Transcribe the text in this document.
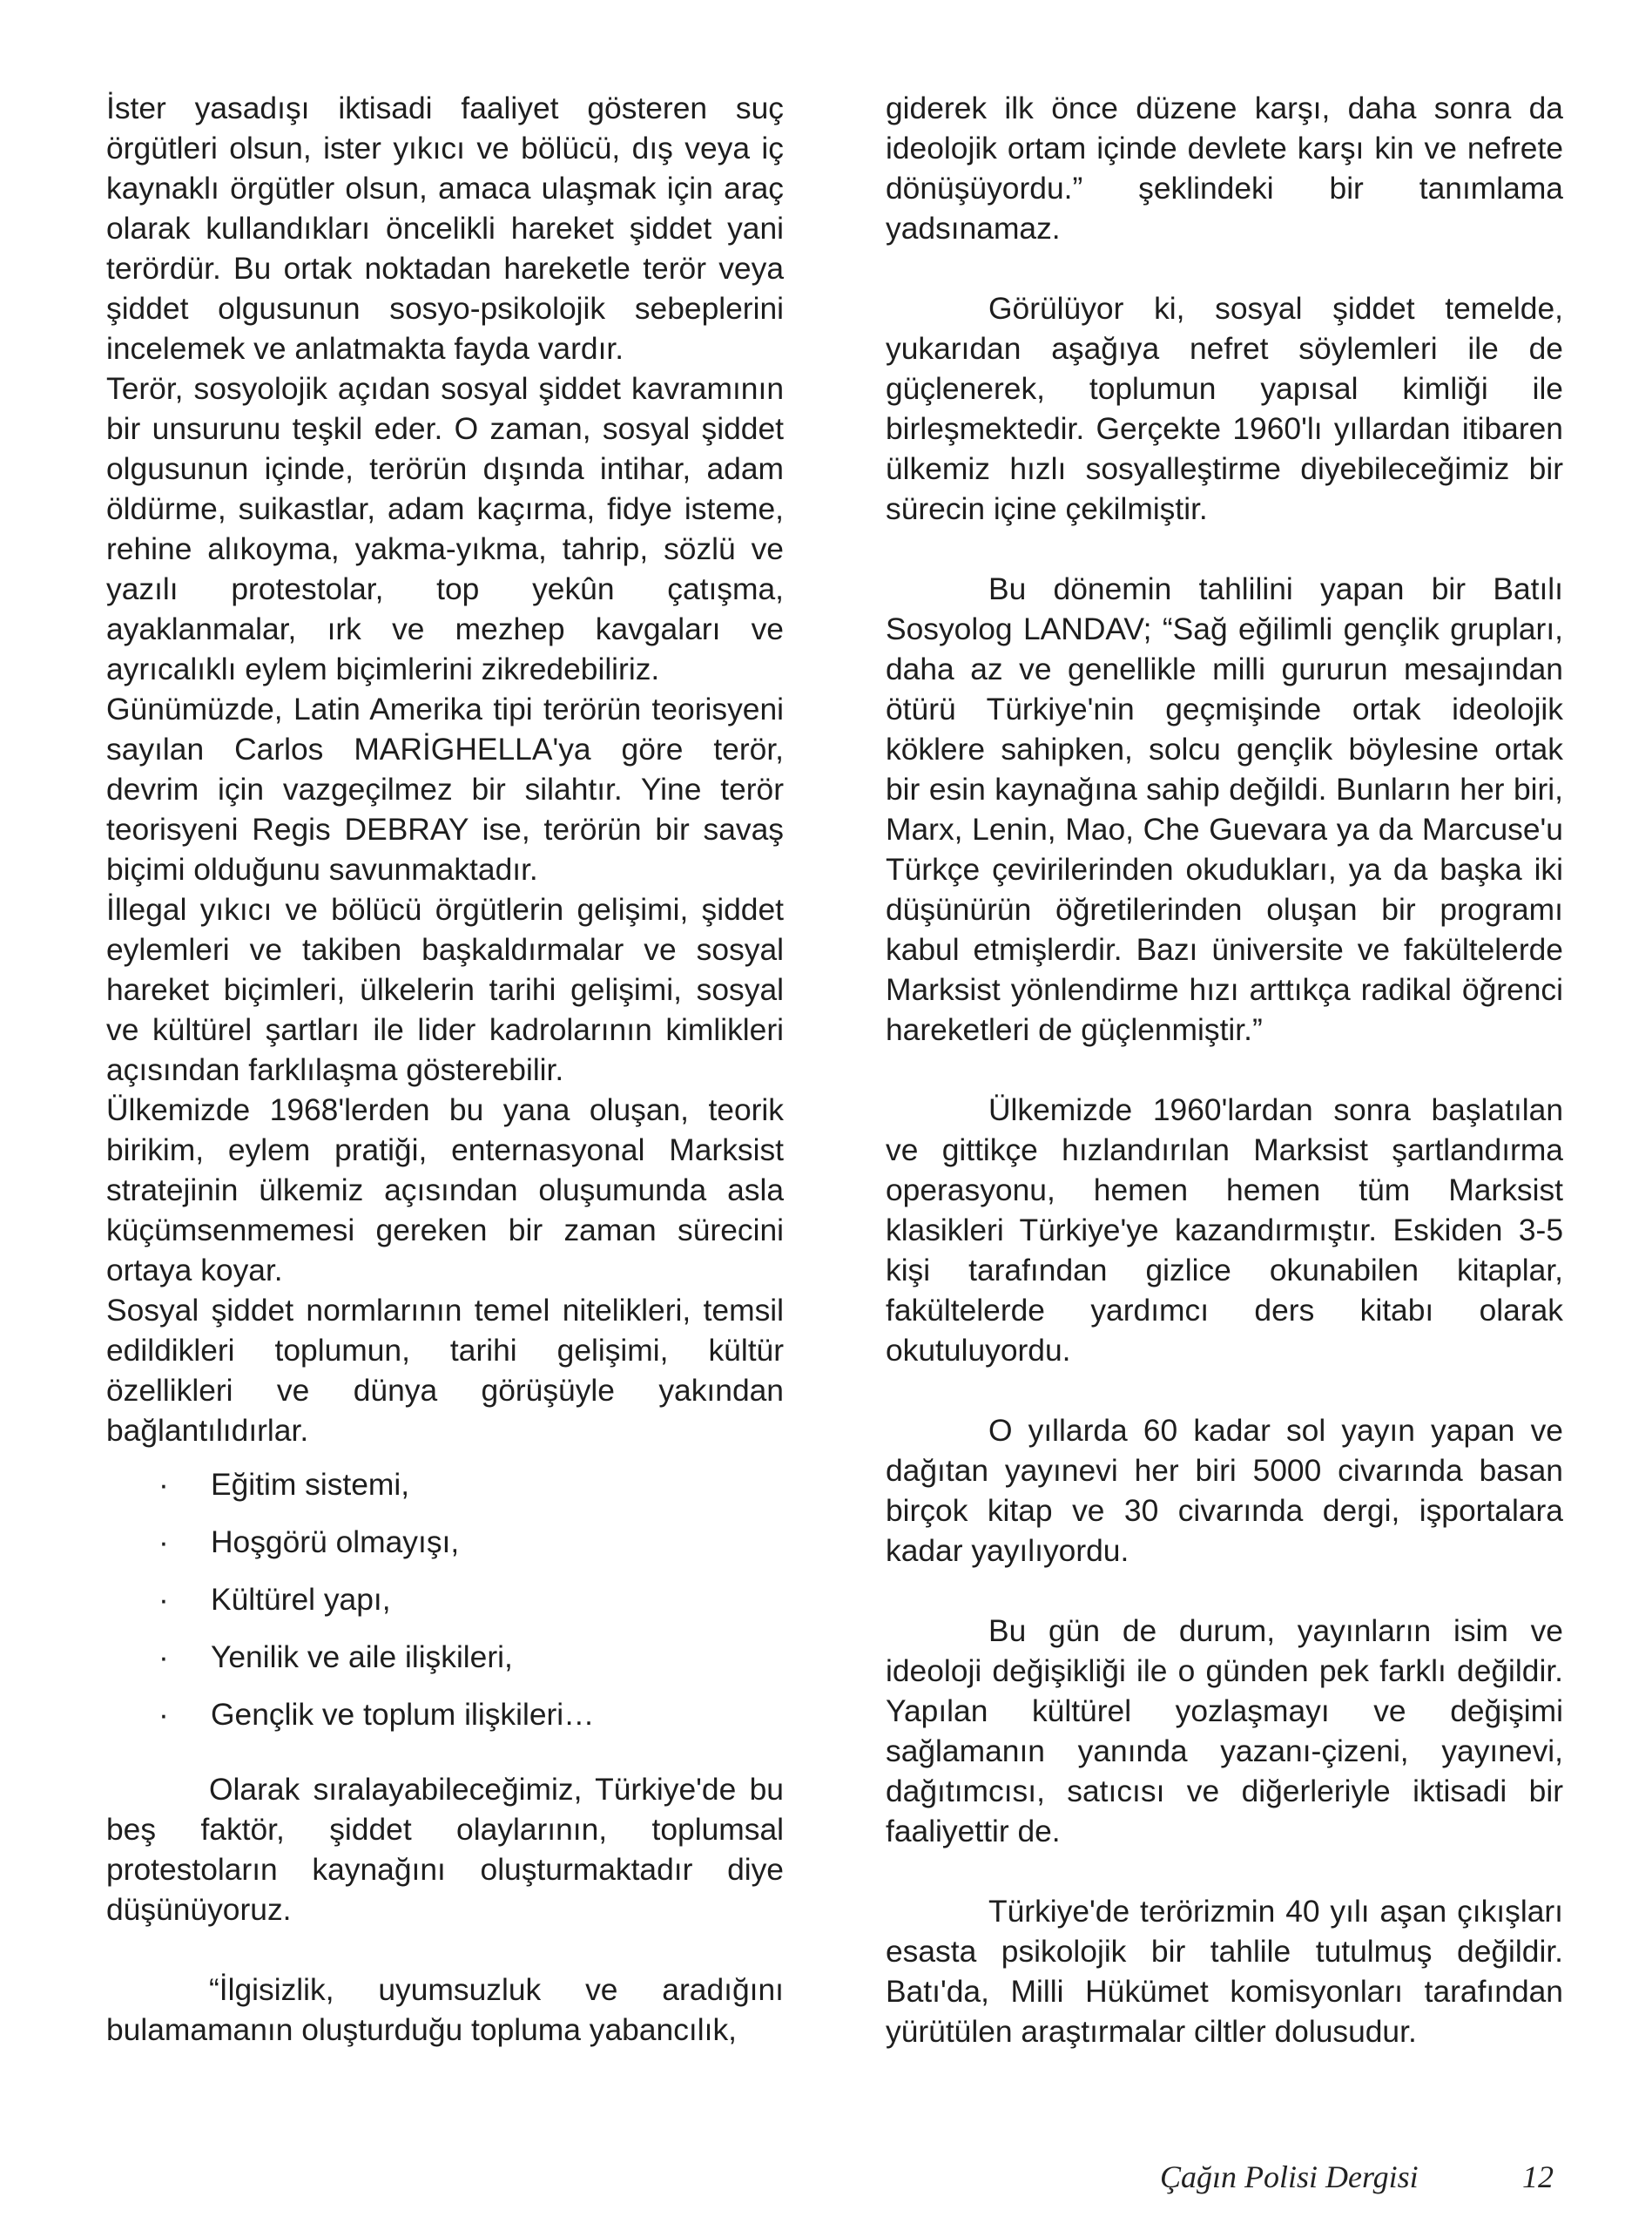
İster yasadışı iktisadi faaliyet gösteren suç örgütleri olsun, ister yıkıcı ve bölücü, dış veya iç kaynaklı örgütler olsun, amaca ulaşmak için araç olarak kullandıkları öncelikli hareket şiddet yani terördür. Bu ortak noktadan hareketle terör veya şiddet olgusunun sosyo-psikolojik sebeplerini incelemek ve anlatmakta fayda vardır.

Terör, sosyolojik açıdan sosyal şiddet kavramının bir unsurunu teşkil eder. O zaman, sosyal şiddet olgusunun içinde, terörün dışında intihar, adam öldürme, suikastlar, adam kaçırma, fidye isteme, rehine alıkoyma, yakma-yıkma, tahrip, sözlü ve yazılı protestolar, top yekûn çatışma, ayaklanmalar, ırk ve mezhep kavgaları ve ayrıcalıklı eylem biçimlerini zikredebiliriz.

Günümüzde, Latin Amerika tipi terörün teorisyeni sayılan Carlos MARİGHELLA'ya göre terör, devrim için vazgeçilmez bir silahtır. Yine terör teorisyeni Regis DEBRAY ise, terörün bir savaş biçimi olduğunu savunmaktadır.

İllegal yıkıcı ve bölücü örgütlerin gelişimi, şiddet eylemleri ve takiben başkaldırmalar ve sosyal hareket biçimleri, ülkelerin tarihi gelişimi, sosyal ve kültürel şartları ile lider kadrolarının kimlikleri açısından farklılaşma gösterebilir.

Ülkemizde 1968'lerden bu yana oluşan, teorik birikim, eylem pratiği, enternasyonal Marksist stratejinin ülkemiz açısından oluşumunda asla küçümsenmemesi gereken bir zaman sürecini ortaya koyar.

Sosyal şiddet normlarının temel nitelikleri, temsil edildikleri toplumun, tarihi gelişimi, kültür özellikleri ve dünya görüşüyle yakından bağlantılıdırlar.

· Eğitim sistemi,
· Hoşgörü olmayışı,
· Kültürel yapı,
· Yenilik ve aile ilişkileri,
· Gençlik ve toplum ilişkileri…

Olarak sıralayabileceğimiz, Türkiye'de bu beş faktör, şiddet olaylarının, toplumsal protestoların kaynağını oluşturmaktadır diye düşünüyoruz.

“İlgisizlik, uyumsuzluk ve aradığını bulamamanın oluşturduğu topluma yabancılık,

giderek ilk önce düzene karşı, daha sonra da ideolojik ortam içinde devlete karşı kin ve nefrete dönüşüyordu.” şeklindeki bir tanımlama yadsınamaz.

Görülüyor ki, sosyal şiddet temelde, yukarıdan aşağıya nefret söylemleri ile de güçlenerek, toplumun yapısal kimliği ile birleşmektedir. Gerçekte 1960'lı yıllardan itibaren ülkemiz hızlı sosyalleştirme diyebileceğimiz bir sürecin içine çekilmiştir.

Bu dönemin tahlilini yapan bir Batılı Sosyolog LANDAV; “Sağ eğilimli gençlik grupları, daha az ve genellikle milli gururun mesajından ötürü Türkiye'nin geçmişinde ortak ideolojik köklere sahipken, solcu gençlik böylesine ortak bir esin kaynağına sahip değildi. Bunların her biri, Marx, Lenin, Mao, Che Guevara ya da Marcuse'u Türkçe çevirilerinden okudukları, ya da başka iki düşünürün öğretilerinden oluşan bir programı kabul etmişlerdir. Bazı üniversite ve fakültelerde Marksist yönlendirme hızı arttıkça radikal öğrenci hareketleri de güçlenmiştir.”

Ülkemizde 1960'lardan sonra başlatılan ve gittikçe hızlandırılan Marksist şartlandırma operasyonu, hemen hemen tüm Marksist klasikleri Türkiye'ye kazandırmıştır. Eskiden 3-5 kişi tarafından gizlice okunabilen kitaplar, fakültelerde yardımcı ders kitabı olarak okutuluyordu.

O yıllarda 60 kadar sol yayın yapan ve dağıtan yayınevi her biri 5000 civarında basan birçok kitap ve 30 civarında dergi, işportalara kadar yayılıyordu.

Bu gün de durum, yayınların isim ve ideoloji değişikliği ile o günden pek farklı değildir. Yapılan kültürel yozlaşmayı ve değişimi sağlamanın yanında yazanı-çizeni, yayınevi, dağıtımcısı, satıcısı ve diğerleriyle iktisadi bir faaliyettir de.

Türkiye'de terörizmin 40 yılı aşan çıkışları esasta psikolojik bir tahlile tutulmuş değildir. Batı'da, Milli Hükümet komisyonları tarafından yürütülen araştırmalar ciltler dolusudur.

Çağın Polisi Dergisi	12
